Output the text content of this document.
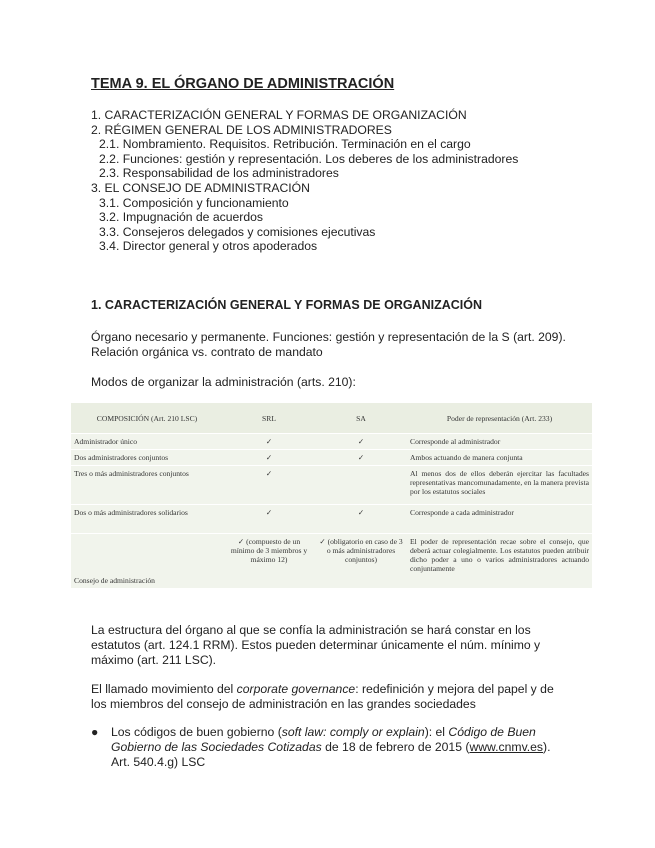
TEMA 9. EL ÓRGANO DE ADMINISTRACIÓN
1. CARACTERIZACIÓN GENERAL Y FORMAS DE ORGANIZACIÓN
2. RÉGIMEN GENERAL DE LOS ADMINISTRADORES
2.1. Nombramiento. Requisitos. Retribución. Terminación en el cargo
2.2. Funciones: gestión y representación. Los deberes de los administradores
2.3. Responsabilidad de los administradores
3. EL CONSEJO DE ADMINISTRACIÓN
3.1. Composición y funcionamiento
3.2. Impugnación de acuerdos
3.3. Consejeros delegados y comisiones ejecutivas
3.4. Director general y otros apoderados
1. CARACTERIZACIÓN GENERAL Y FORMAS DE ORGANIZACIÓN
Órgano necesario y permanente. Funciones: gestión y representación de la S (art. 209). Relación orgánica vs. contrato de mandato
Modos de organizar la administración (arts. 210):
COMPOSICIÓN (Art. 210 LSC)	SRL	SA	Poder de representación (Art. 233)
Administrador único	✓	✓	Corresponde al administrador
Dos administradores conjuntos	✓	✓	Ambos actuando de manera conjunta
Tres o más administradores conjuntos	✓		Al menos dos de ellos deberán ejercitar las facultades representativas mancomunadamente, en la manera prevista por los estatutos sociales
Dos o más administradores solidarios	✓	✓	Corresponde a cada administrador
Consejo de administración	✓ (compuesto de un mínimo de 3 miembros y máximo 12)	✓ (obligatorio en caso de 3 o más administradores conjuntos)	El poder de representación recae sobre el consejo, que deberá actuar colegialmente. Los estatutos pueden atribuir dicho poder a uno o varios administradores actuando conjuntamente
La estructura del órgano al que se confía la administración se hará constar en los estatutos (art. 124.1 RRM). Estos pueden determinar únicamente el núm. mínimo y máximo (art. 211 LSC).
El llamado movimiento del corporate governance: redefinición y mejora del papel y de los miembros del consejo de administración en las grandes sociedades
● Los códigos de buen gobierno (soft law: comply or explain): el Código de Buen Gobierno de las Sociedades Cotizadas de 18 de febrero de 2015 (www.cnmv.es). Art. 540.4.g) LSC
